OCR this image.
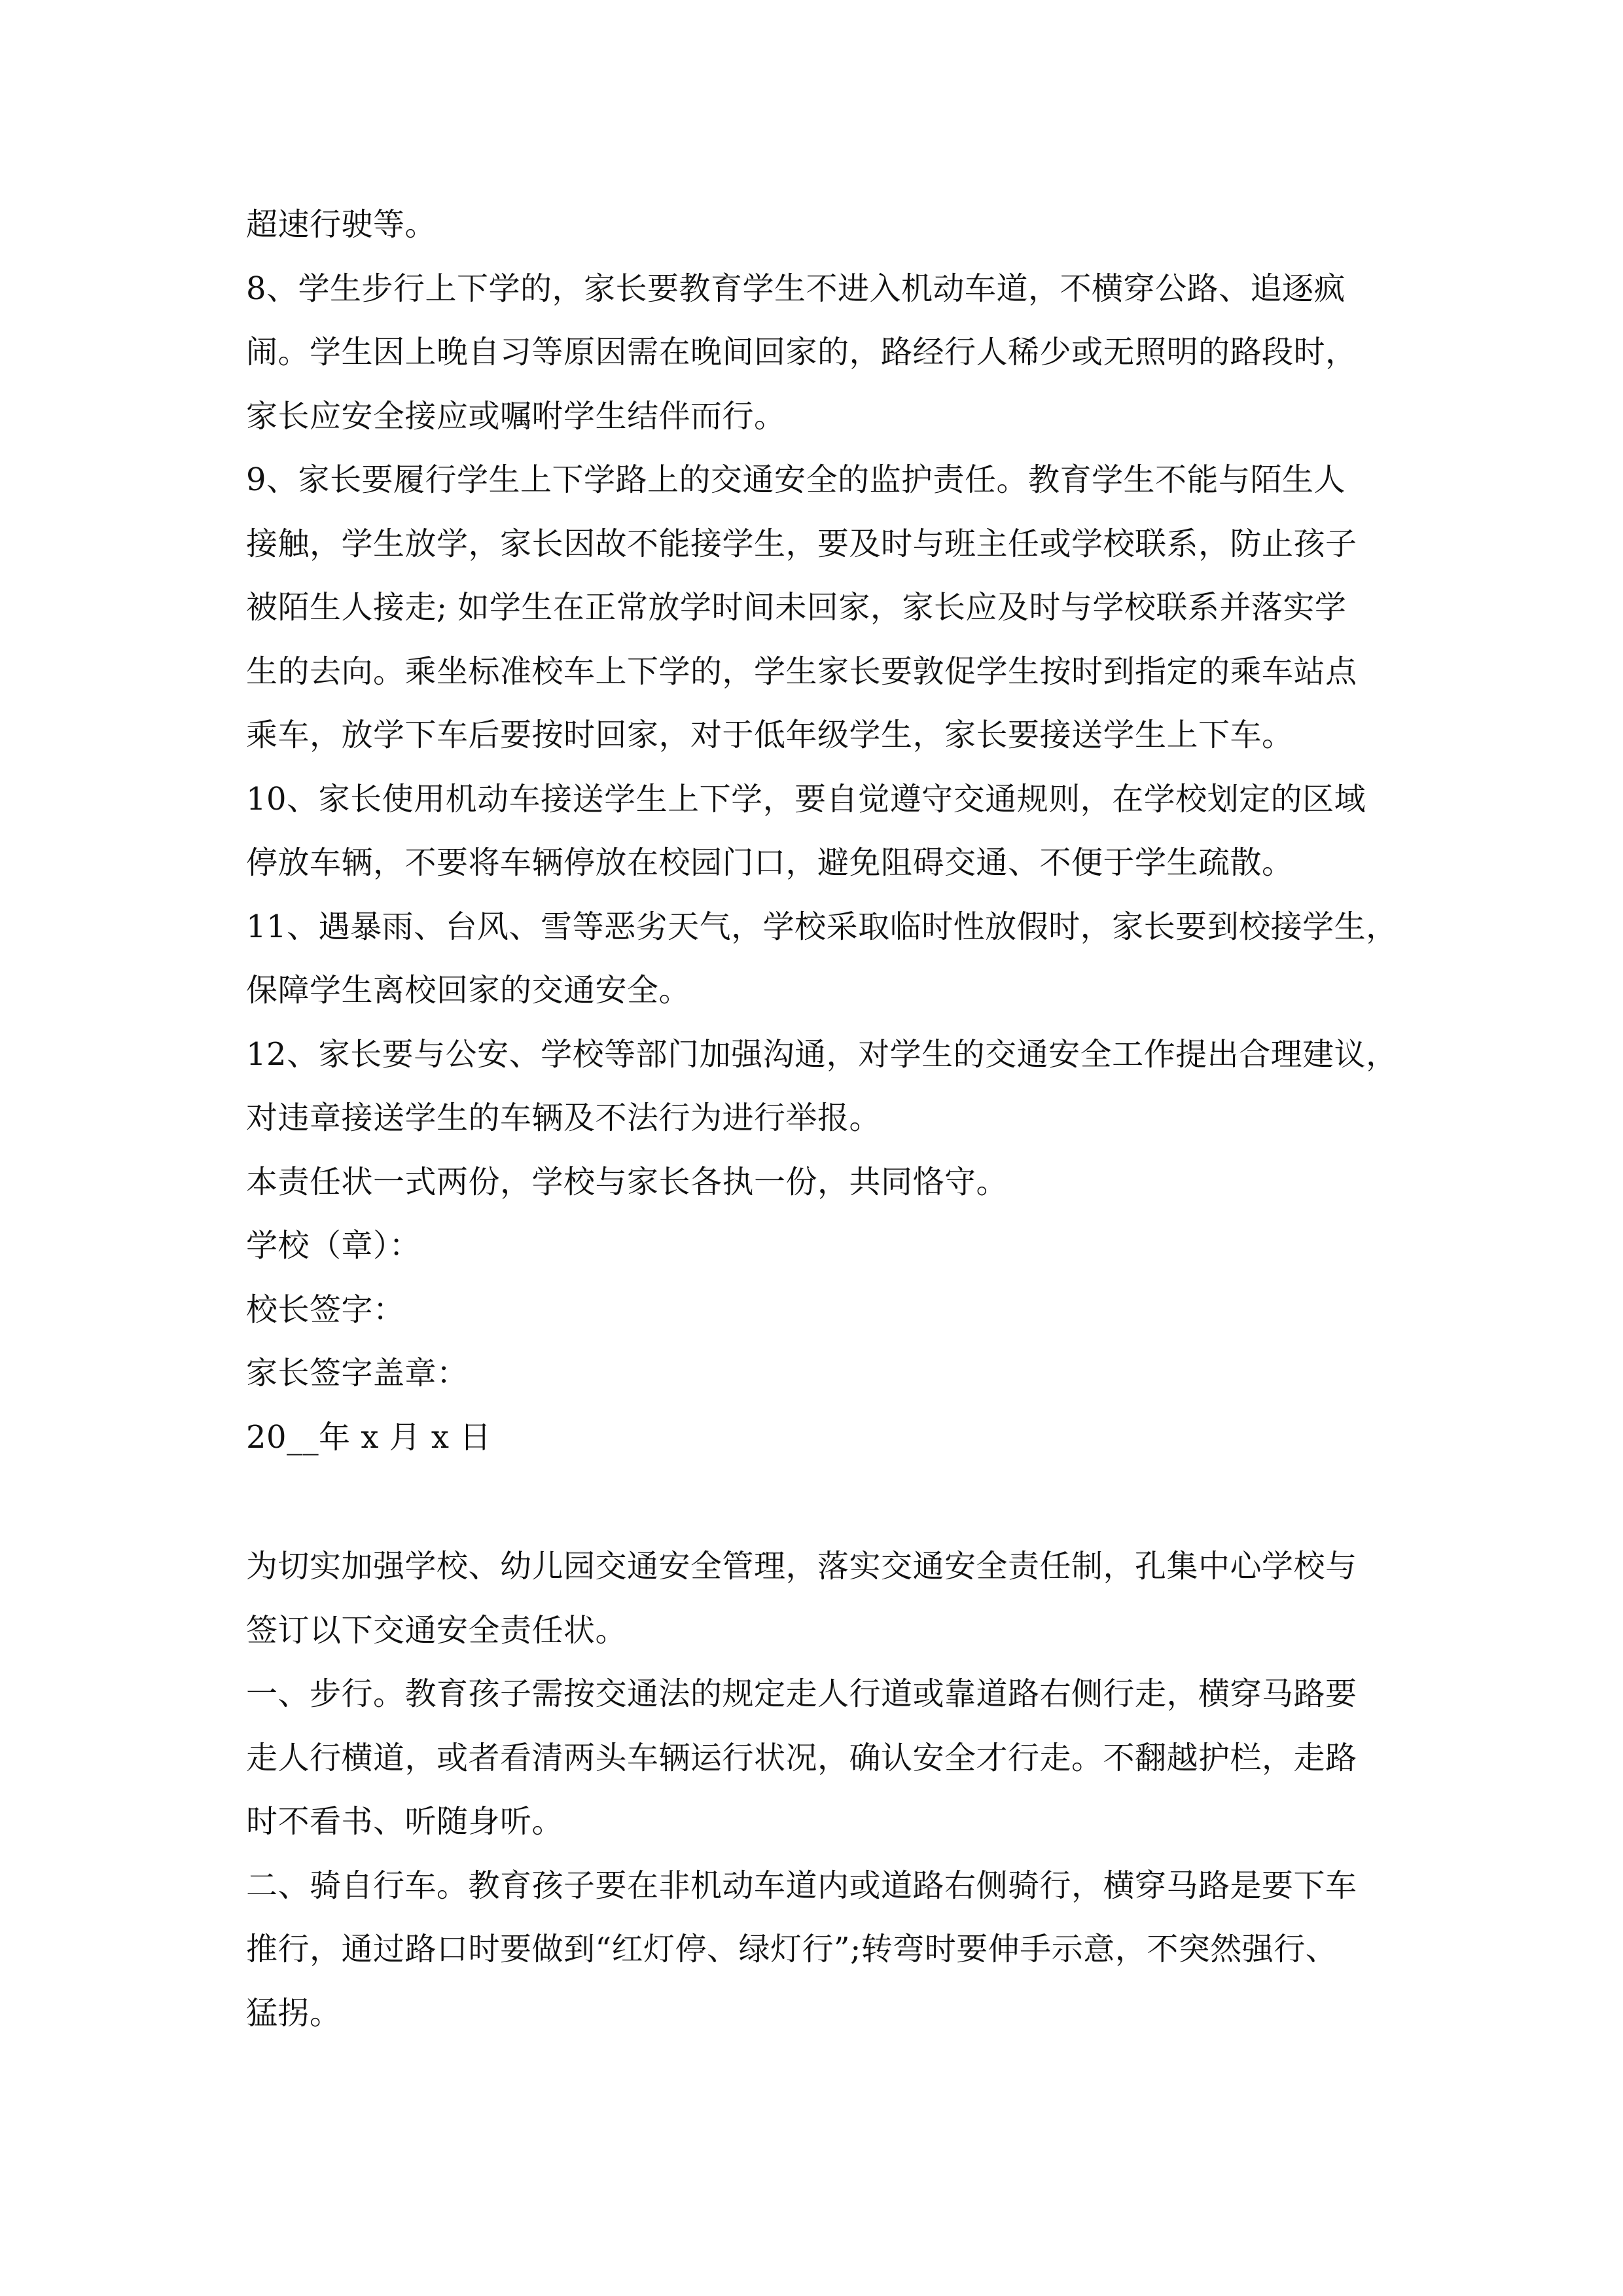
超速行驶等。
8、学生步行上下学的，家长要教育学生不进入机动车道，不横穿公路、追逐疯
闹。学生因上晚自习等原因需在晚间回家的，路经行人稀少或无照明的路段时，
家长应安全接应或嘱咐学生结伴而行。
9、家长要履行学生上下学路上的交通安全的监护责任。教育学生不能与陌生人
接触，学生放学，家长因故不能接学生，要及时与班主任或学校联系，防止孩子
被陌生人接走; 如学生在正常放学时间未回家，家长应及时与学校联系并落实学
生的去向。乘坐标准校车上下学的，学生家长要敦促学生按时到指定的乘车站点
乘车，放学下车后要按时回家，对于低年级学生，家长要接送学生上下车。
10、家长使用机动车接送学生上下学，要自觉遵守交通规则，在学校划定的区域
停放车辆，不要将车辆停放在校园门口，避免阻碍交通、不便于学生疏散。
11、遇暴雨、台风、雪等恶劣天气，学校采取临时性放假时，家长要到校接学生，
保障学生离校回家的交通安全。
12、家长要与公安、学校等部门加强沟通，对学生的交通安全工作提出合理建议，
对违章接送学生的车辆及不法行为进行举报。
本责任状一式两份，学校与家长各执一份，共同恪守。
学校（章）：
校长签字：
家长签字盖章：
20__年 x 月 x 日
为切实加强学校、幼儿园交通安全管理，落实交通安全责任制，孔集中心学校与
签订以下交通安全责任状。
一、步行。教育孩子需按交通法的规定走人行道或靠道路右侧行走，横穿马路要
走人行横道，或者看清两头车辆运行状况，确认安全才行走。不翻越护栏，走路
时不看书、听随身听。
二、骑自行车。教育孩子要在非机动车道内或道路右侧骑行，横穿马路是要下车
推行，通过路口时要做到“红灯停、绿灯行”;转弯时要伸手示意，不突然强行、
猛拐。
